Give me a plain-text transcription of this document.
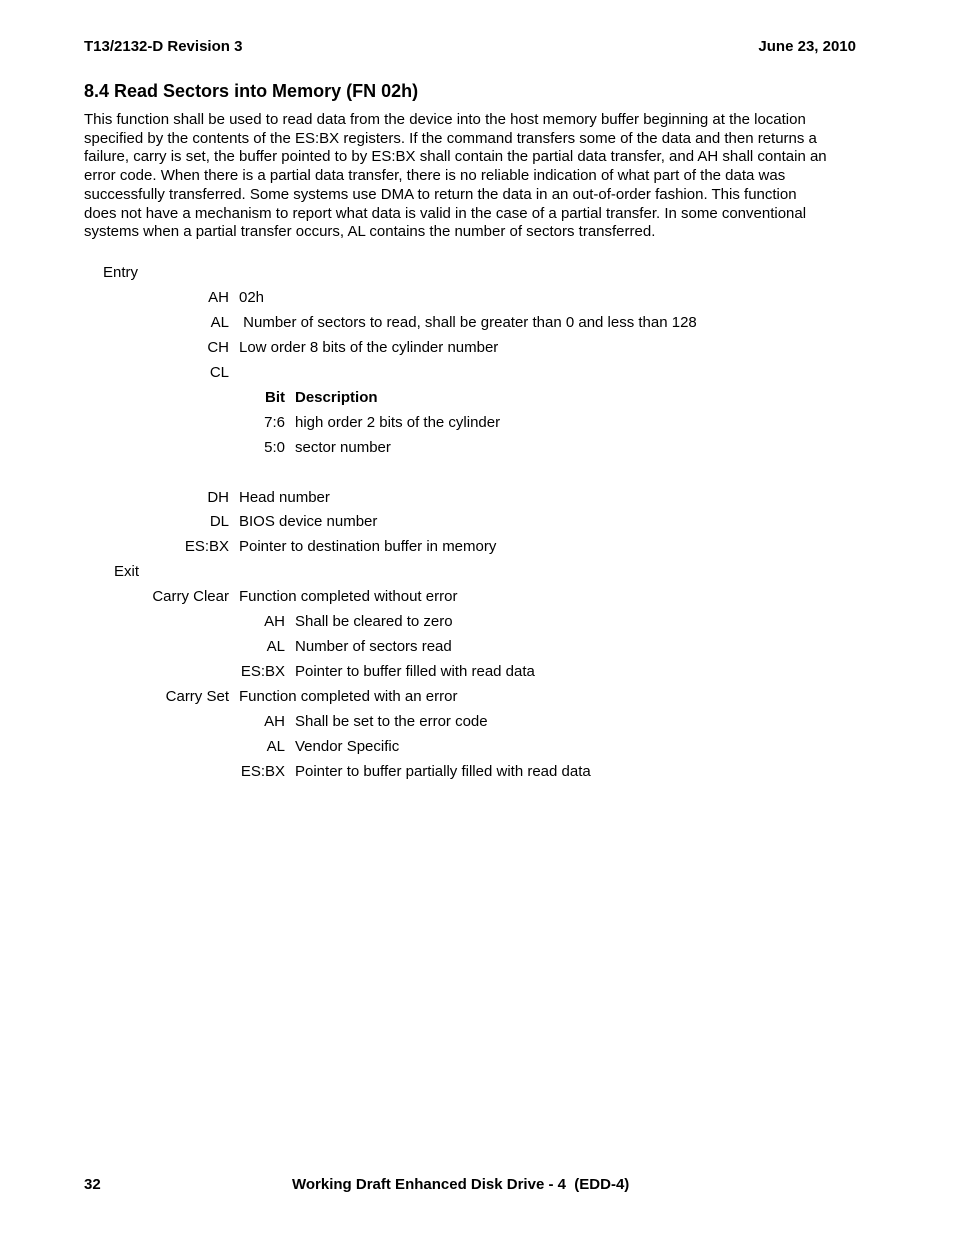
T13/2132-D Revision 3	June 23, 2010
8.4 Read Sectors into Memory (FN 02h)
This function shall be used to read data from the device into the host memory buffer beginning at the location
specified by the contents of the ES:BX registers. If the command transfers some of the data and then returns a
failure, carry is set, the buffer pointed to by ES:BX shall contain the partial data transfer, and AH shall contain an
error code. When there is a partial data transfer, there is no reliable indication of what part of the data was
successfully transferred. Some systems use DMA to return the data in an out-of-order fashion. This function
does not have a mechanism to report what data is valid in the case of a partial transfer. In some conventional
systems when a partial transfer occurs, AL contains the number of sectors transferred.
Entry
AH 02h
AL Number of sectors to read, shall be greater than 0 and less than 128
CH Low order 8 bits of the cylinder number
CL
Bit Description
7:6 high order 2 bits of the cylinder
5:0 sector number
DH Head number
DL BIOS device number
ES:BX Pointer to destination buffer in memory
Exit
Carry Clear Function completed without error
AH Shall be cleared to zero
AL Number of sectors read
ES:BX Pointer to buffer filled with read data
Carry Set Function completed with an error
AH Shall be set to the error code
AL Vendor Specific
ES:BX Pointer to buffer partially filled with read data
32	Working Draft Enhanced Disk Drive - 4  (EDD-4)
